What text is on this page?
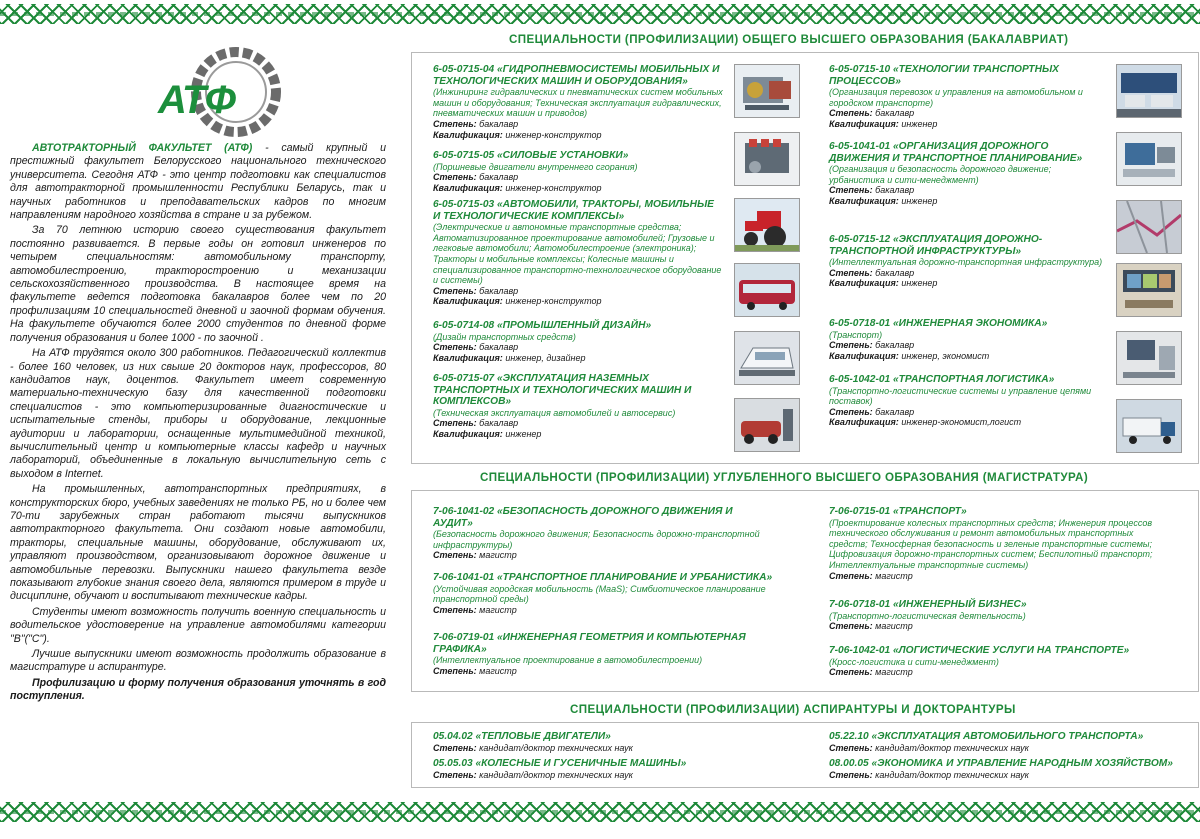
АТФ

АВТОТРАКТОРНЫЙ ФАКУЛЬТЕТ (АТФ) - самый крупный и престижный факультет Белорусского национального технического университета. Сегодня АТФ - это центр подготовки как специалистов для автотракторной промышленности Республики Беларусь, так и научных работников и преподавательских кадров по многим направлениям народного хозяйства в стране и за рубежом.

За 70 летнюю историю своего существования факультет постоянно развивается. В первые годы он готовил инженеров по четырем специальностям: автомобильному транспорту, автомобилестроению, тракторостроению и механизации сельскохозяйственного производства. В настоящее время на факультете ведется подготовка бакалавров более чем по 20 профилизациям 10 специальностей дневной и заочной формам обучения. На факультете обучаются более 2000 студентов по дневной форме получения образования и более 1000 - по заочной .

На АТФ трудятся около 300 работников. Педагогический коллектив - более 160 человек, из них свыше 20 докторов наук, профессоров, 80 кандидатов наук, доцентов. Факультет имеет современную материально-техническую базу для качественной подготовки специалистов - это компьютеризированные диагностические и испытательные стенды, приборы и оборудование, лекционные аудитории и лаборатории, оснащенные мультимедийной техникой, вычислительный центр и компьютерные классы кафедр и научных лабораторий, объединенные в локальную вычислительную сеть с выходом в Internet.

На промышленных, автотранспортных предприятиях, в конструкторских бюро, учебных заведениях не только РБ, но и более чем 70-ти зарубежных стран работают тысячи выпускников автотракторного факультета. Они создают новые автомобили, тракторы, специальные машины, оборудование, обслуживают их, управляют производством, организовывают дорожное движение и автомобильные перевозки. Выпускники нашего факультета везде показывают глубокие знания своего дела, являются примером в труде и дисциплине, обучают и воспитывают технические кадры.

Студенты имеют возможность получить военную специальность и водительское удостоверение на управление автомобилями категории "В"("С").

Лучшие выпускники имеют возможность продолжить образование в магистратуре и аспирантуре.

Профилизацию и форму получения образования уточнять в год поступления.

СПЕЦИАЛЬНОСТИ (ПРОФИЛИЗАЦИИ) ОБЩЕГО ВЫСШЕГО ОБРАЗОВАНИЯ (БАКАЛАВРИАТ)
6-05-0715-04 «ГИДРОПНЕВМОСИСТЕМЫ МОБИЛЬНЫХ И ТЕХНОЛОГИЧЕСКИХ МАШИН И ОБОРУДОВАНИЯ»
(Инжиниринг гидравлических и пневматических систем мобильных машин и оборудования; Техническая эксплуатация гидравлических, пневматических машин и приводов)
Степень: бакалавр
Квалификация: инженер-конструктор
6-05-0715-05 «СИЛОВЫЕ УСТАНОВКИ»
(Поршневые двигатели внутреннего сгорания)
Степень: бакалавр
Квалификация: инженер-конструктор
6-05-0715-03 «АВТОМОБИЛИ, ТРАКТОРЫ, МОБИЛЬНЫЕ И ТЕХНОЛОГИЧЕСКИЕ КОМПЛЕКСЫ»
(Электрические и автономные транспортные средства; Автоматизированное проектирование автомобилей; Грузовые и легковые автомобили; Автомобилестроение (электроника); Тракторы и мобильные комплексы; Колесные машины и специализированное транспортно-технологическое оборудование и системы)
Степень: бакалавр
Квалификация: инженер-конструктор
6-05-0714-08 «ПРОМЫШЛЕННЫЙ ДИЗАЙН»
(Дизайн транспортных средств)
Степень: бакалавр
Квалификация: инженер, дизайнер
6-05-0715-07 «ЭКСПЛУАТАЦИЯ НАЗЕМНЫХ ТРАНСПОРТНЫХ И ТЕХНОЛОГИЧЕСКИХ МАШИН И КОМПЛЕКСОВ»
(Техническая эксплуатация автомобилей и автосервис)
Степень: бакалавр
Квалификация: инженер
6-05-0715-10 «ТЕХНОЛОГИИ ТРАНСПОРТНЫХ ПРОЦЕССОВ»
(Организация перевозок и управления на автомобильном и городском транспорте)
Степень: бакалавр
Квалификация: инженер
6-05-1041-01 «ОРГАНИЗАЦИЯ ДОРОЖНОГО ДВИЖЕНИЯ И ТРАНСПОРТНОЕ ПЛАНИРОВАНИЕ»
(Организация и безопасность дорожного движение; урбанистика и сити-менеджмент)
Степень: бакалавр
Квалификация: инженер
6-05-0715-12 «ЭКСПЛУАТАЦИЯ ДОРОЖНО-ТРАНСПОРТНОЙ ИНФРАСТРУКТУРЫ»
(Интеллектуальная дорожно-транспортная инфраструктура)
Степень: бакалавр
Квалификация: инженер
6-05-0718-01 «ИНЖЕНЕРНАЯ ЭКОНОМИКА»
(Транспорт)
Степень: бакалавр
Квалификация: инженер, экономист
6-05-1042-01 «ТРАНСПОРТНАЯ ЛОГИСТИКА»
(Транспортно-логистические системы и управление цепями поставок)
Степень: бакалавр
Квалификация: инженер-экономист,логист
СПЕЦИАЛЬНОСТИ (ПРОФИЛИЗАЦИИ) УГЛУБЛЕННОГО ВЫСШЕГО ОБРАЗОВАНИЯ (МАГИСТРАТУРА)
7-06-1041-02 «БЕЗОПАСНОСТЬ ДОРОЖНОГО ДВИЖЕНИЯ И АУДИТ»
(Безопасность дорожного движения; Безопасность дорожно-транспортной инфраструктуры)
Степень: магистр
7-06-1041-01 «ТРАНСПОРТНОЕ ПЛАНИРОВАНИЕ И УРБАНИСТИКА»
(Устойчивая городская мобильность (MaaS); Симбиотическое планирование транспортной среды)
Степень: магистр
7-06-0719-01 «ИНЖЕНЕРНАЯ ГЕОМЕТРИЯ И КОМПЬЮТЕРНАЯ ГРАФИКА»
(Интеллектуальное проектирование в автомобилестроении)
Степень: магистр
7-06-0715-01 «ТРАНСПОРТ»
(Проектирование колесных транспортных средств; Инженерия процессов технического обслуживания и ремонт автомобильных транспортных средств; Техносферная безопасность и зеленые транспортные системы; Цифровизация дорожно-транспортных систем; Беспилотный транспорт; Интеллектуальные транспортные системы)
Степень: магистр
7-06-0718-01 «ИНЖЕНЕРНЫЙ БИЗНЕС»
(Транспортно-логистическая деятельность)
Степень: магистр
7-06-1042-01 «ЛОГИСТИЧЕСКИЕ УСЛУГИ НА ТРАНСПОРТЕ»
(Кросс-логистика и сити-менеджмент)
Степень: магистр
СПЕЦИАЛЬНОСТИ (ПРОФИЛИЗАЦИИ) АСПИРАНТУРЫ И ДОКТОРАНТУРЫ
05.04.02 «ТЕПЛОВЫЕ ДВИГАТЕЛИ»
Степень: кандидат/доктор технических наук
05.05.03 «КОЛЕСНЫЕ И ГУСЕНИЧНЫЕ МАШИНЫ»
Степень: кандидат/доктор технических наук
05.22.10 «ЭКСПЛУАТАЦИЯ АВТОМОБИЛЬНОГО ТРАНСПОРТА»
Степень: кандидат/доктор технических наук
08.00.05 «ЭКОНОМИКА И УПРАВЛЕНИЕ НАРОДНЫМ ХОЗЯЙСТВОМ»
Степень: кандидат/доктор технических наук
